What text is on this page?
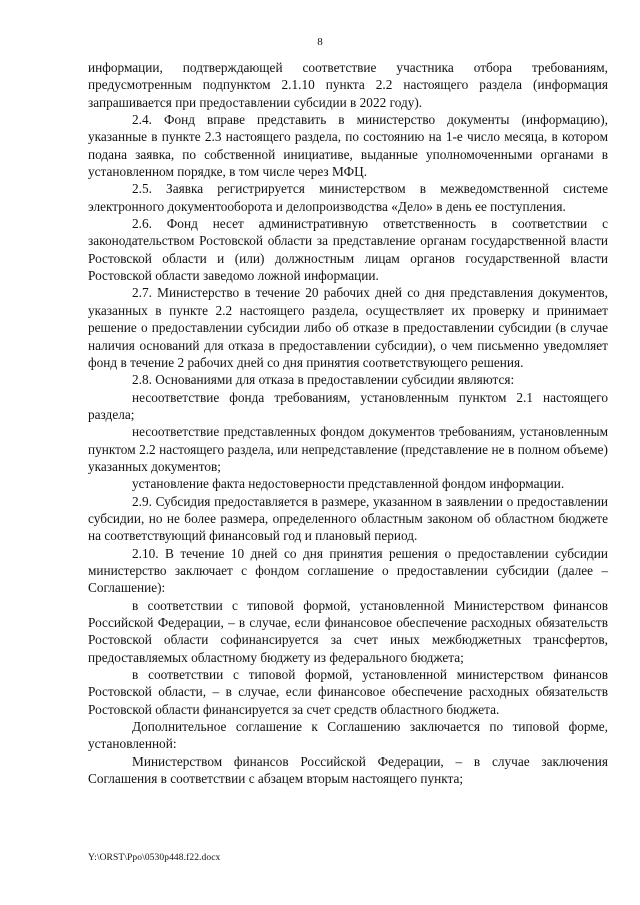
8

информации, подтверждающей соответствие участника отбора требованиям, предусмотренным подпунктом 2.1.10 пункта 2.2 настоящего раздела (информация запрашивается при предоставлении субсидии в 2022 году).

2.4. Фонд вправе представить в министерство документы (информацию), указанные в пункте 2.3 настоящего раздела, по состоянию на 1-е число месяца, в котором подана заявка, по собственной инициативе, выданные уполномоченными органами в установленном порядке, в том числе через МФЦ.

2.5. Заявка регистрируется министерством в межведомственной системе электронного документооборота и делопроизводства «Дело» в день ее поступления.

2.6. Фонд несет административную ответственность в соответствии с законодательством Ростовской области за представление органам государственной власти Ростовской области и (или) должностным лицам органов государственной власти Ростовской области заведомо ложной информации.

2.7. Министерство в течение 20 рабочих дней со дня представления документов, указанных в пункте 2.2 настоящего раздела, осуществляет их проверку и принимает решение о предоставлении субсидии либо об отказе в предоставлении субсидии (в случае наличия оснований для отказа в предоставлении субсидии), о чем письменно уведомляет фонд в течение 2 рабочих дней со дня принятия соответствующего решения.

2.8. Основаниями для отказа в предоставлении субсидии являются:

несоответствие фонда требованиям, установленным пунктом 2.1 настоящего раздела;

несоответствие представленных фондом документов требованиям, установленным пунктом 2.2 настоящего раздела, или непредставление (представление не в полном объеме) указанных документов;

установление факта недостоверности представленной фондом информации.

2.9. Субсидия предоставляется в размере, указанном в заявлении о предоставлении субсидии, но не более размера, определенного областным законом об областном бюджете на соответствующий финансовый год и плановый период.

2.10. В течение 10 дней со дня принятия решения о предоставлении субсидии министерство заключает с фондом соглашение о предоставлении субсидии (далее – Соглашение):

в соответствии с типовой формой, установленной Министерством финансов Российской Федерации, – в случае, если финансовое обеспечение расходных обязательств Ростовской области софинансируется за счет иных межбюджетных трансфертов, предоставляемых областному бюджету из федерального бюджета;

в соответствии с типовой формой, установленной министерством финансов Ростовской области, – в случае, если финансовое обеспечение расходных обязательств Ростовской области финансируется за счет средств областного бюджета.

Дополнительное соглашение к Соглашению заключается по типовой форме, установленной:

Министерством финансов Российской Федерации, – в случае заключения Соглашения в соответствии с абзацем вторым настоящего пункта;

Y:\ORST\Ppo\0530p448.f22.docx
